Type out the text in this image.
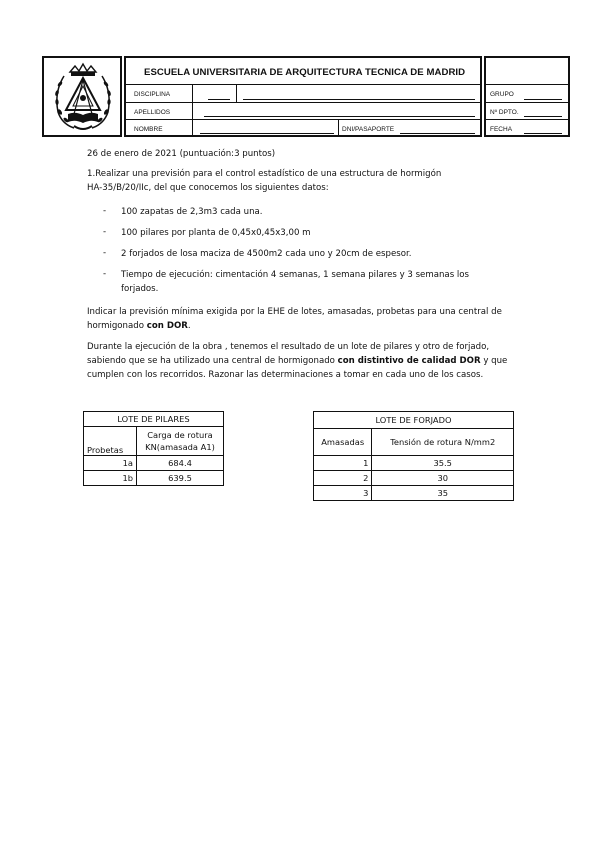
ESCUELA UNIVERSITARIA DE ARQUITECTURA TECNICA DE MADRID
DISCIPLINA
APELLIDOS
NOMBRE	DNI/PASAPORTE
GRUPO
Nº DPTO.
FECHA
26 de enero de 2021 (puntuación:3 puntos)
1.Realizar una previsión para el control estadístico de una estructura de hormigón
HA-35/B/20/IIc, del que conocemos los siguientes datos:
- 100 zapatas de 2,3m3 cada una.
- 100 pilares por planta de 0,45x0,45x3,00 m
- 2 forjados de losa maciza de 4500m2 cada uno y 20cm de espesor.
- Tiempo de ejecución: cimentación 4 semanas, 1 semana pilares y 3 semanas los
forjados.
Indicar la previsión mínima exigida por la EHE de lotes, amasadas, probetas para una central de
hormigonado con DOR.
Durante la ejecución de la obra , tenemos el resultado de un lote de pilares y otro de forjado,
sabiendo que se ha utilizado una central de hormigonado con distintivo de calidad DOR y que
cumplen con los recorridos. Razonar las determinaciones a tomar en cada uno de los casos.
LOTE DE PILARES	
Probetas	Carga de rotura
KN(amasada A1)
1a	684.4
1b	639.5
LOTE DE FORJADO	
Amasadas	Tensión de rotura N/mm2
1	35.5
2	30
3	35
